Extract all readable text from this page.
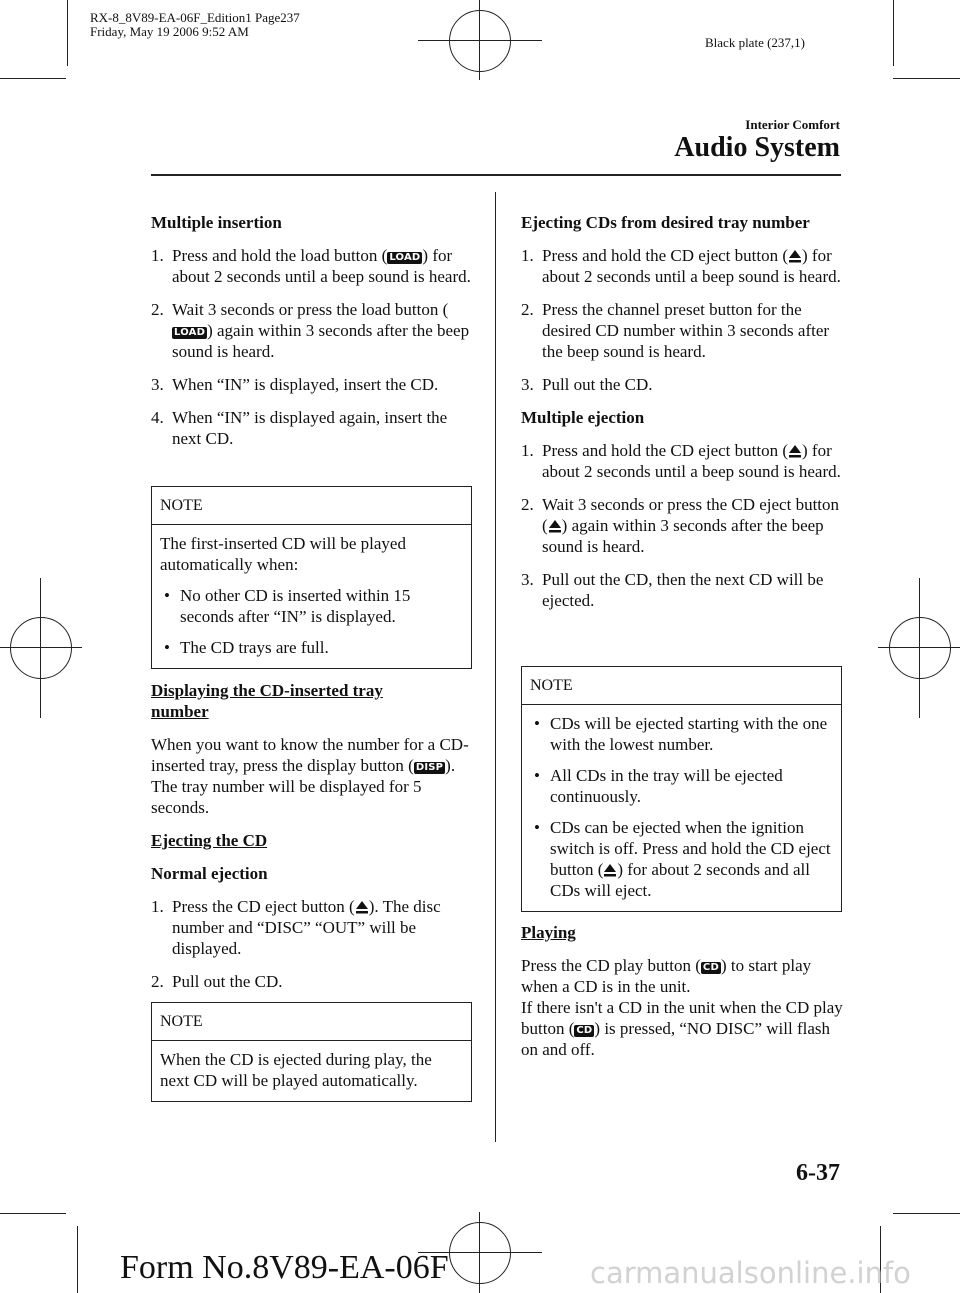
RX-8_8V89-EA-06F_Edition1 Page237
Friday, May 19 2006 9:52 AM
Black plate (237,1)
Interior Comfort
Audio System
Multiple insertion

1. Press and hold the load button ( LOAD ) for about 2 seconds until a beep sound is heard.

2. Wait 3 seconds or press the load button (LOAD ) again within 3 seconds after the beep sound is heard.

3. When “IN” is displayed, insert the CD.

4. When “IN” is displayed again, insert the next CD.

NOTE
The first-inserted CD will be played automatically when:
• No other CD is inserted within 15 seconds after “IN” is displayed.
• The CD trays are full.
Displaying the CD-inserted tray number

When you want to know the number for a CD-inserted tray, press the display button ( DISP ). The tray number will be displayed for 5 seconds.

Ejecting the CD
Normal ejection

1. Press the CD eject button ( ). The disc number and “DISC” “OUT” will be displayed.

2. Pull out the CD.

NOTE
When the CD is ejected during play, the next CD will be played automatically.
Ejecting CDs from desired tray number

1. Press and hold the CD eject button ( ) for about 2 seconds until a beep sound is heard.

2. Press the channel preset button for the desired CD number within 3 seconds after the beep sound is heard.

3. Pull out the CD.

Multiple ejection

1. Press and hold the CD eject button ( ) for about 2 seconds until a beep sound is heard.

2. Wait 3 seconds or press the CD eject button ( ) again within 3 seconds after the beep sound is heard.

3. Pull out the CD, then the next CD will be ejected.

NOTE
• CDs will be ejected starting with the one with the lowest number.
• All CDs in the tray will be ejected continuously.
• CDs can be ejected when the ignition switch is off. Press and hold the CD eject button ( ) for about 2 seconds and all CDs will eject.
Playing

Press the CD play button ( CD ) to start play when a CD is in the unit.

If there isn't a CD in the unit when the CD play button ( CD ) is pressed, “NO DISC” will flash on and off.

6-37
Form No.8V89-EA-06F	carmanualsonline.info
